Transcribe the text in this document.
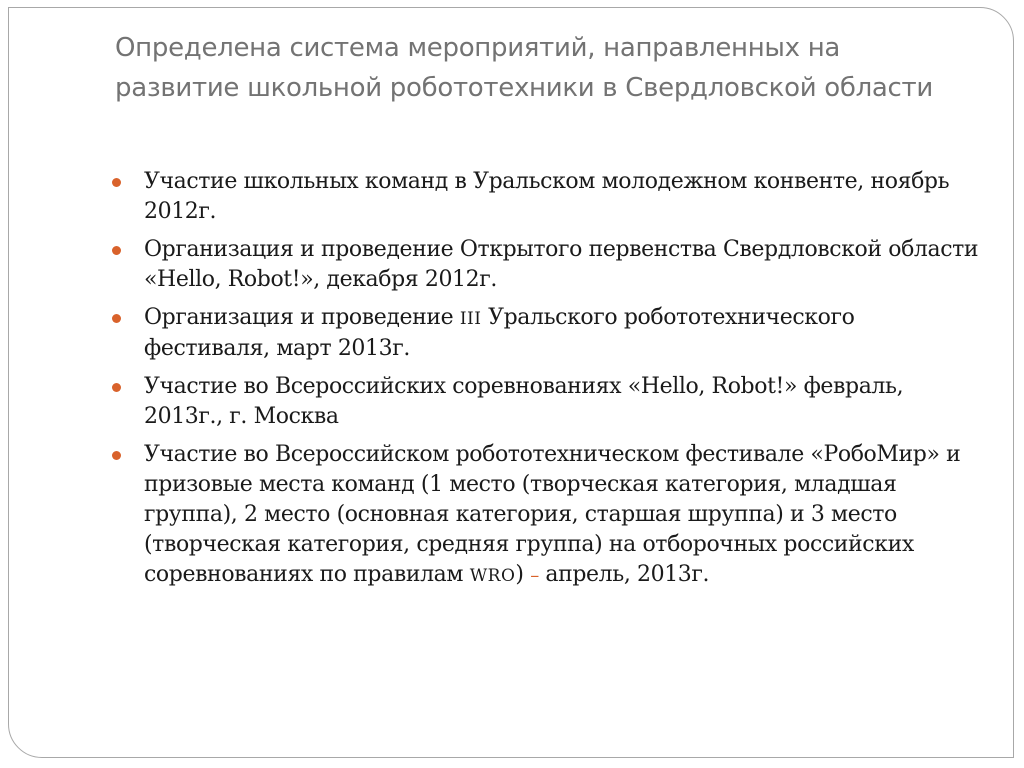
Определена система мероприятий, направленных на развитие школьной робототехники в Свердловской области
Участие школьных команд в Уральском молодежном конвенте, ноябрь 2012г.
Организация и проведение Открытого первенства Свердловской области «Hello, Robot!», декабря 2012г.
Организация и проведение III Уральского робототехнического фестиваля, март 2013г.
Участие во Всероссийских соревнованиях «Hello, Robot!» февраль, 2013г., г. Москва
Участие во Всероссийском робототехническом фестивале «РобоМир» и призовые места команд (1 место (творческая категория, младшая группа), 2 место (основная категория, старшая шруппа) и 3 место (творческая категория, средняя группа) на отборочных российских соревнованиях по правилам WRO) – апрель, 2013г.
